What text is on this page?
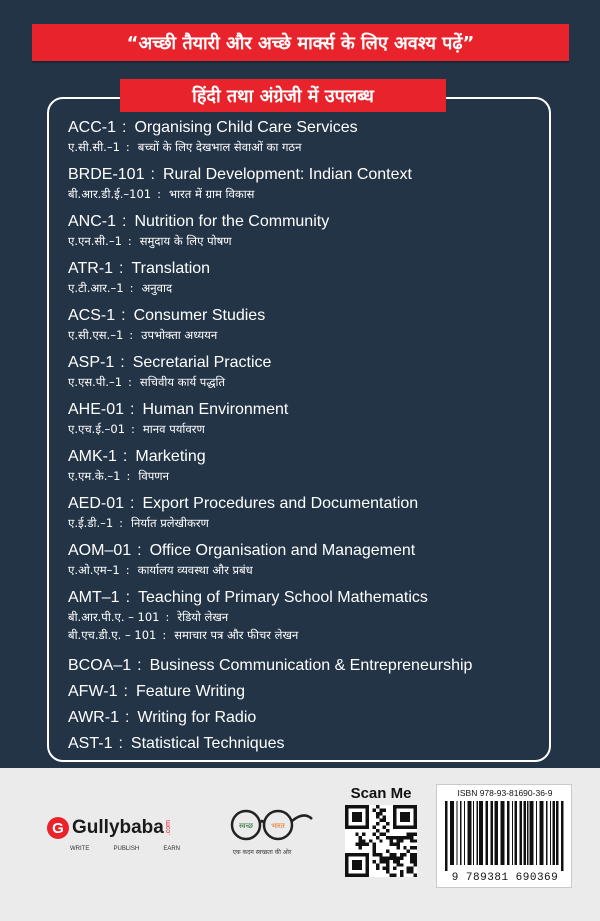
“अच्छी तैयारी और अच्छे मार्क्स के लिए अवश्य पढ़ें”
हिंदी तथा अंग्रेजी में उपलब्ध
ACC-1 : Organising Child Care Services
ए.सी.सी.–1 : बच्चों के लिए देखभाल सेवाओं का गठन
BRDE-101 : Rural Development: Indian Context
बी.आर.डी.ई.–101 : भारत में ग्राम विकास
ANC-1 : Nutrition for the Community
ए.एन.सी.–1 : समुदाय के लिए पोषण
ATR-1 : Translation
ए.टी.आर.–1 : अनुवाद
ACS-1 : Consumer Studies
ए.सी.एस.–1 : उपभोक्ता अध्ययन
ASP-1 : Secretarial Practice
ए.एस.पी.–1 : सचिवीय कार्य पद्धति
AHE-01 : Human Environment
ए.एच.ई.–01 : मानव पर्यावरण
AMK-1 : Marketing
ए.एम.के.–1 : विपणन
AED-01 : Export Procedures and Documentation
ए.ई.डी.–1 : निर्यात प्रलेखीकरण
AOM–01 : Office Organisation and Management
ए.ओ.एम–1 : कार्यालय व्यवस्था और प्रबंध
AMT–1 : Teaching of Primary School Mathematics
बी.आर.पी.ए. – 101 : रेडियो लेखन
बी.एच.डी.ए. – 101 : समाचार पत्र और फीचर लेखन
BCOA–1 : Business Communication & Entrepreneurship
AFW-1 : Feature Writing
AWR-1 : Writing for Radio
AST-1 : Statistical Techniques
G Gullybaba .com
WRITE	PUBLISH	EARN
स्वच्छ	भारत
एक कदम स्वच्छता की ओर
Scan Me	ISBN 978-93-81690-36-9
9 789381 690369
